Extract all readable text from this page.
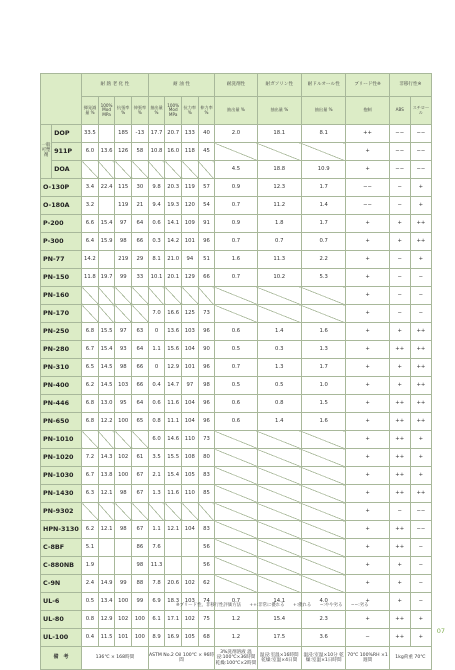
		耐 熱 老 化 性				耐 油 性				耐洗剤性	耐ガソリン性	耐ドルオール性	ブリード性※	非移行性※	
		揮発減量 %	100% Mod MPa	抗張率 %	伸張率 %	抽出量 %	100% Mod MPa	抗力率 %	伸力率 %	抽出量 %	抽出量 %	抽出量 %	抱制	ABS	スチロール
一般可塑剤	DOP	33.5		185	-13	17.7	20.7	133	40	2.0	18.1	8.1	++	−−	−−
	911P	6.0	13.6	126	58	10.8	16.0	118	45				+	−−	−−
	DOA									4.5	18.8	10.9	+	−−	−−
O-130P		3.4	22.4	115	30	9.8	20.3	119	57	0.9	12.3	1.7	−−	−	+
O-180A		3.2		119	21	9.4	19.3	120	54	0.7	11.2	1.4	−−	−	+
P-200		6.6	15.4	97	64	0.6	14.1	109	91	0.9	1.8	1.7	+	+	++
P-300		6.4	15.9	98	66	0.3	14.2	101	96	0.7	0.7	0.7	+	+	++
PN-77		14.2		219	29	8.1	21.0	94	51	1.6	11.3	2.2	+	−	+
PN-150		11.8	19.7	99	33	10.1	20.1	129	66	0.7	10.2	5.3	+	−	−
PN-160													+	−	−
PN-170						7.0	16.6	125	73				+	−	−
PN-250		6.8	15.5	97	63	0	13.6	103	96	0.6	1.4	1.6	+	+	++
PN-280		6.7	15.4	93	64	1.1	15.6	104	90	0.5	0.3	1.3	+	++	++
PN-310		6.5	14.5	98	66	0	12.9	101	96	0.7	1.3	1.7	+	+	++
PN-400		6.2	14.5	103	66	0.4	14.7	97	98	0.5	0.5	1.0	+	+	++
PN-446		6.8	13.0	95	64	0.6	11.6	104	96	0.6	0.8	1.5	+	++	++
PN-650		6.8	12.2	100	65	0.8	11.1	104	96	0.6	1.4	1.6	+	++	++
PN-1010						6.0	14.6	110	73				+	++	+
PN-1020		7.2	14.3	102	61	3.5	15.5	108	80				+	++	+
PN-1030		6.7	13.8	100	67	2.1	15.4	105	83				+	++	+
PN-1430		6.3	12.1	98	67	1.3	11.6	110	85				+	++	++
PN-9302													+	−	−−
HPN-3130		6.2	12.1	98	67	1.1	12.1	104	83				+	++	−−
C-8BF		5.1			86	7.6			56				+	++	−
C-880NB		1.9			98	11.3			56				+	+	−
C-9N		2.4	14.9	99	88	7.8	20.6	102	62				+	+	−
UL-6		0.5	13.4	100	99	6.9	18.3	103	74	0.7	14.1	4.0	+	+	−
UL-80		0.8	12.9	102	100	6.1	17.1	102	75	1.2	15.4	2.3	+	++	+
UL-100		0.4	11.5	101	100	8.9	16.9	105	68	1.2	17.5	3.6	−	++	+
備　考		136℃ × 168時間				ASTM No.2 Oil 100℃ × 96時間				3%洗剤溶液 温浸:100℃×36時間 乾燥:100℃×2時間	温浸:室温×16時間 乾燥:室温×4日間	温浸:室温×10分 乾燥:室温×1日時間	70℃ 100%RH ×1週間	1kg荷重 70℃	
※ブリード性、非移行性評価方法 ++:非常に優れる +:優れる −:やや劣る −−:劣る
07
